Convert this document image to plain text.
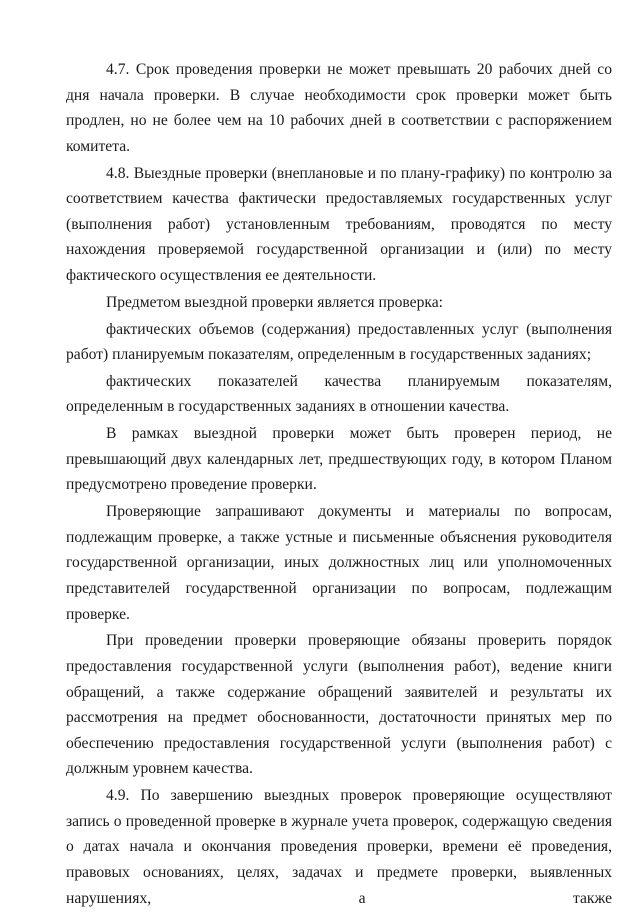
4.7. Срок проведения проверки не может превышать 20 рабочих дней со дня начала проверки. В случае необходимости срок проверки может быть продлен, но не более чем на 10 рабочих дней в соответствии с распоряжением комитета.

4.8. Выездные проверки (внеплановые и по плану-графику) по контролю за соответствием качества фактически предоставляемых государственных услуг (выполнения работ) установленным требованиям, проводятся по месту нахождения проверяемой государственной организации и (или) по месту фактического осуществления ее деятельности.

Предметом выездной проверки является проверка:

фактических объемов (содержания) предоставленных услуг (выполнения работ) планируемым показателям, определенным в государственных заданиях;

фактических показателей качества планируемым показателям, определенным в государственных заданиях в отношении качества.

В рамках выездной проверки может быть проверен период, не превышающий двух календарных лет, предшествующих году, в котором Планом предусмотрено проведение проверки.

Проверяющие запрашивают документы и материалы по вопросам, подлежащим проверке, а также устные и письменные объяснения руководителя государственной организации, иных должностных лиц или уполномоченных представителей государственной организации по вопросам, подлежащим проверке.

При проведении проверки проверяющие обязаны проверить порядок предоставления государственной услуги (выполнения работ), ведение книги обращений, а также содержание обращений заявителей и результаты их рассмотрения на предмет обоснованности, достаточности принятых мер по обеспечению предоставления государственной услуги (выполнения работ) с должным уровнем качества.

4.9. По завершению выездных проверок проверяющие осуществляют запись о проведенной проверке в журнале учета проверок, содержащую сведения о датах начала и окончания проведения проверки, времени её проведения, правовых основаниях, целях, задачах и предмете проверки, выявленных нарушениях, а также
